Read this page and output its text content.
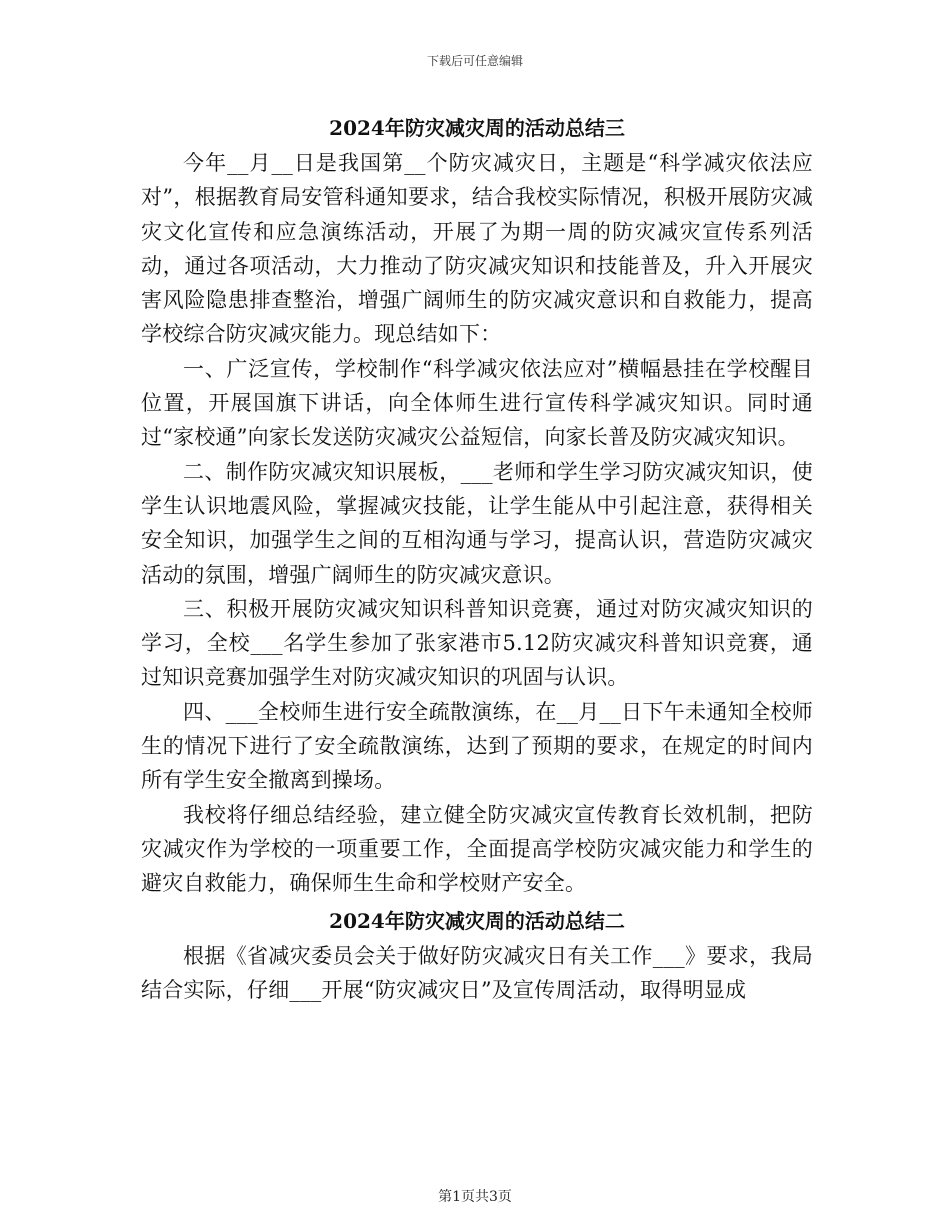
下载后可任意编辑
2024年防灾减灾周的活动总结三

今年__月__日是我国第__个防灾减灾日，主题是“科学减灾依法应对”，根据教育局安管科通知要求，结合我校实际情况，积极开展防灾减灾文化宣传和应急演练活动，开展了为期一周的防灾减灾宣传系列活动，通过各项活动，大力推动了防灾减灾知识和技能普及，升入开展灾害风险隐患排查整治，增强广阔师生的防灾减灾意识和自救能力，提高学校综合防灾减灾能力。现总结如下：

一、广泛宣传，学校制作“科学减灾依法应对”横幅悬挂在学校醒目位置，开展国旗下讲话，向全体师生进行宣传科学减灾知识。同时通过“家校通”向家长发送防灾减灾公益短信，向家长普及防灾减灾知识。

二、制作防灾减灾知识展板，___老师和学生学习防灾减灾知识，使学生认识地震风险，掌握减灾技能，让学生能从中引起注意，获得相关安全知识，加强学生之间的互相沟通与学习，提高认识，营造防灾减灾活动的氛围，增强广阔师生的防灾减灾意识。

三、积极开展防灾减灾知识科普知识竞赛，通过对防灾减灾知识的学习，全校___名学生参加了张家港市5.12防灾减灾科普知识竞赛，通过知识竞赛加强学生对防灾减灾知识的巩固与认识。

四、___全校师生进行安全疏散演练，在__月__日下午未通知全校师生的情况下进行了安全疏散演练，达到了预期的要求，在规定的时间内所有学生安全撤离到操场。

我校将仔细总结经验，建立健全防灾减灾宣传教育长效机制，把防灾减灾作为学校的一项重要工作，全面提高学校防灾减灾能力和学生的避灾自救能力，确保师生生命和学校财产安全。

2024年防灾减灾周的活动总结二

根据《省减灾委员会关于做好防灾减灾日有关工作___》要求，我局结合实际，仔细___开展“防灾减灾日”及宣传周活动，取得明显成

第1页共3页
